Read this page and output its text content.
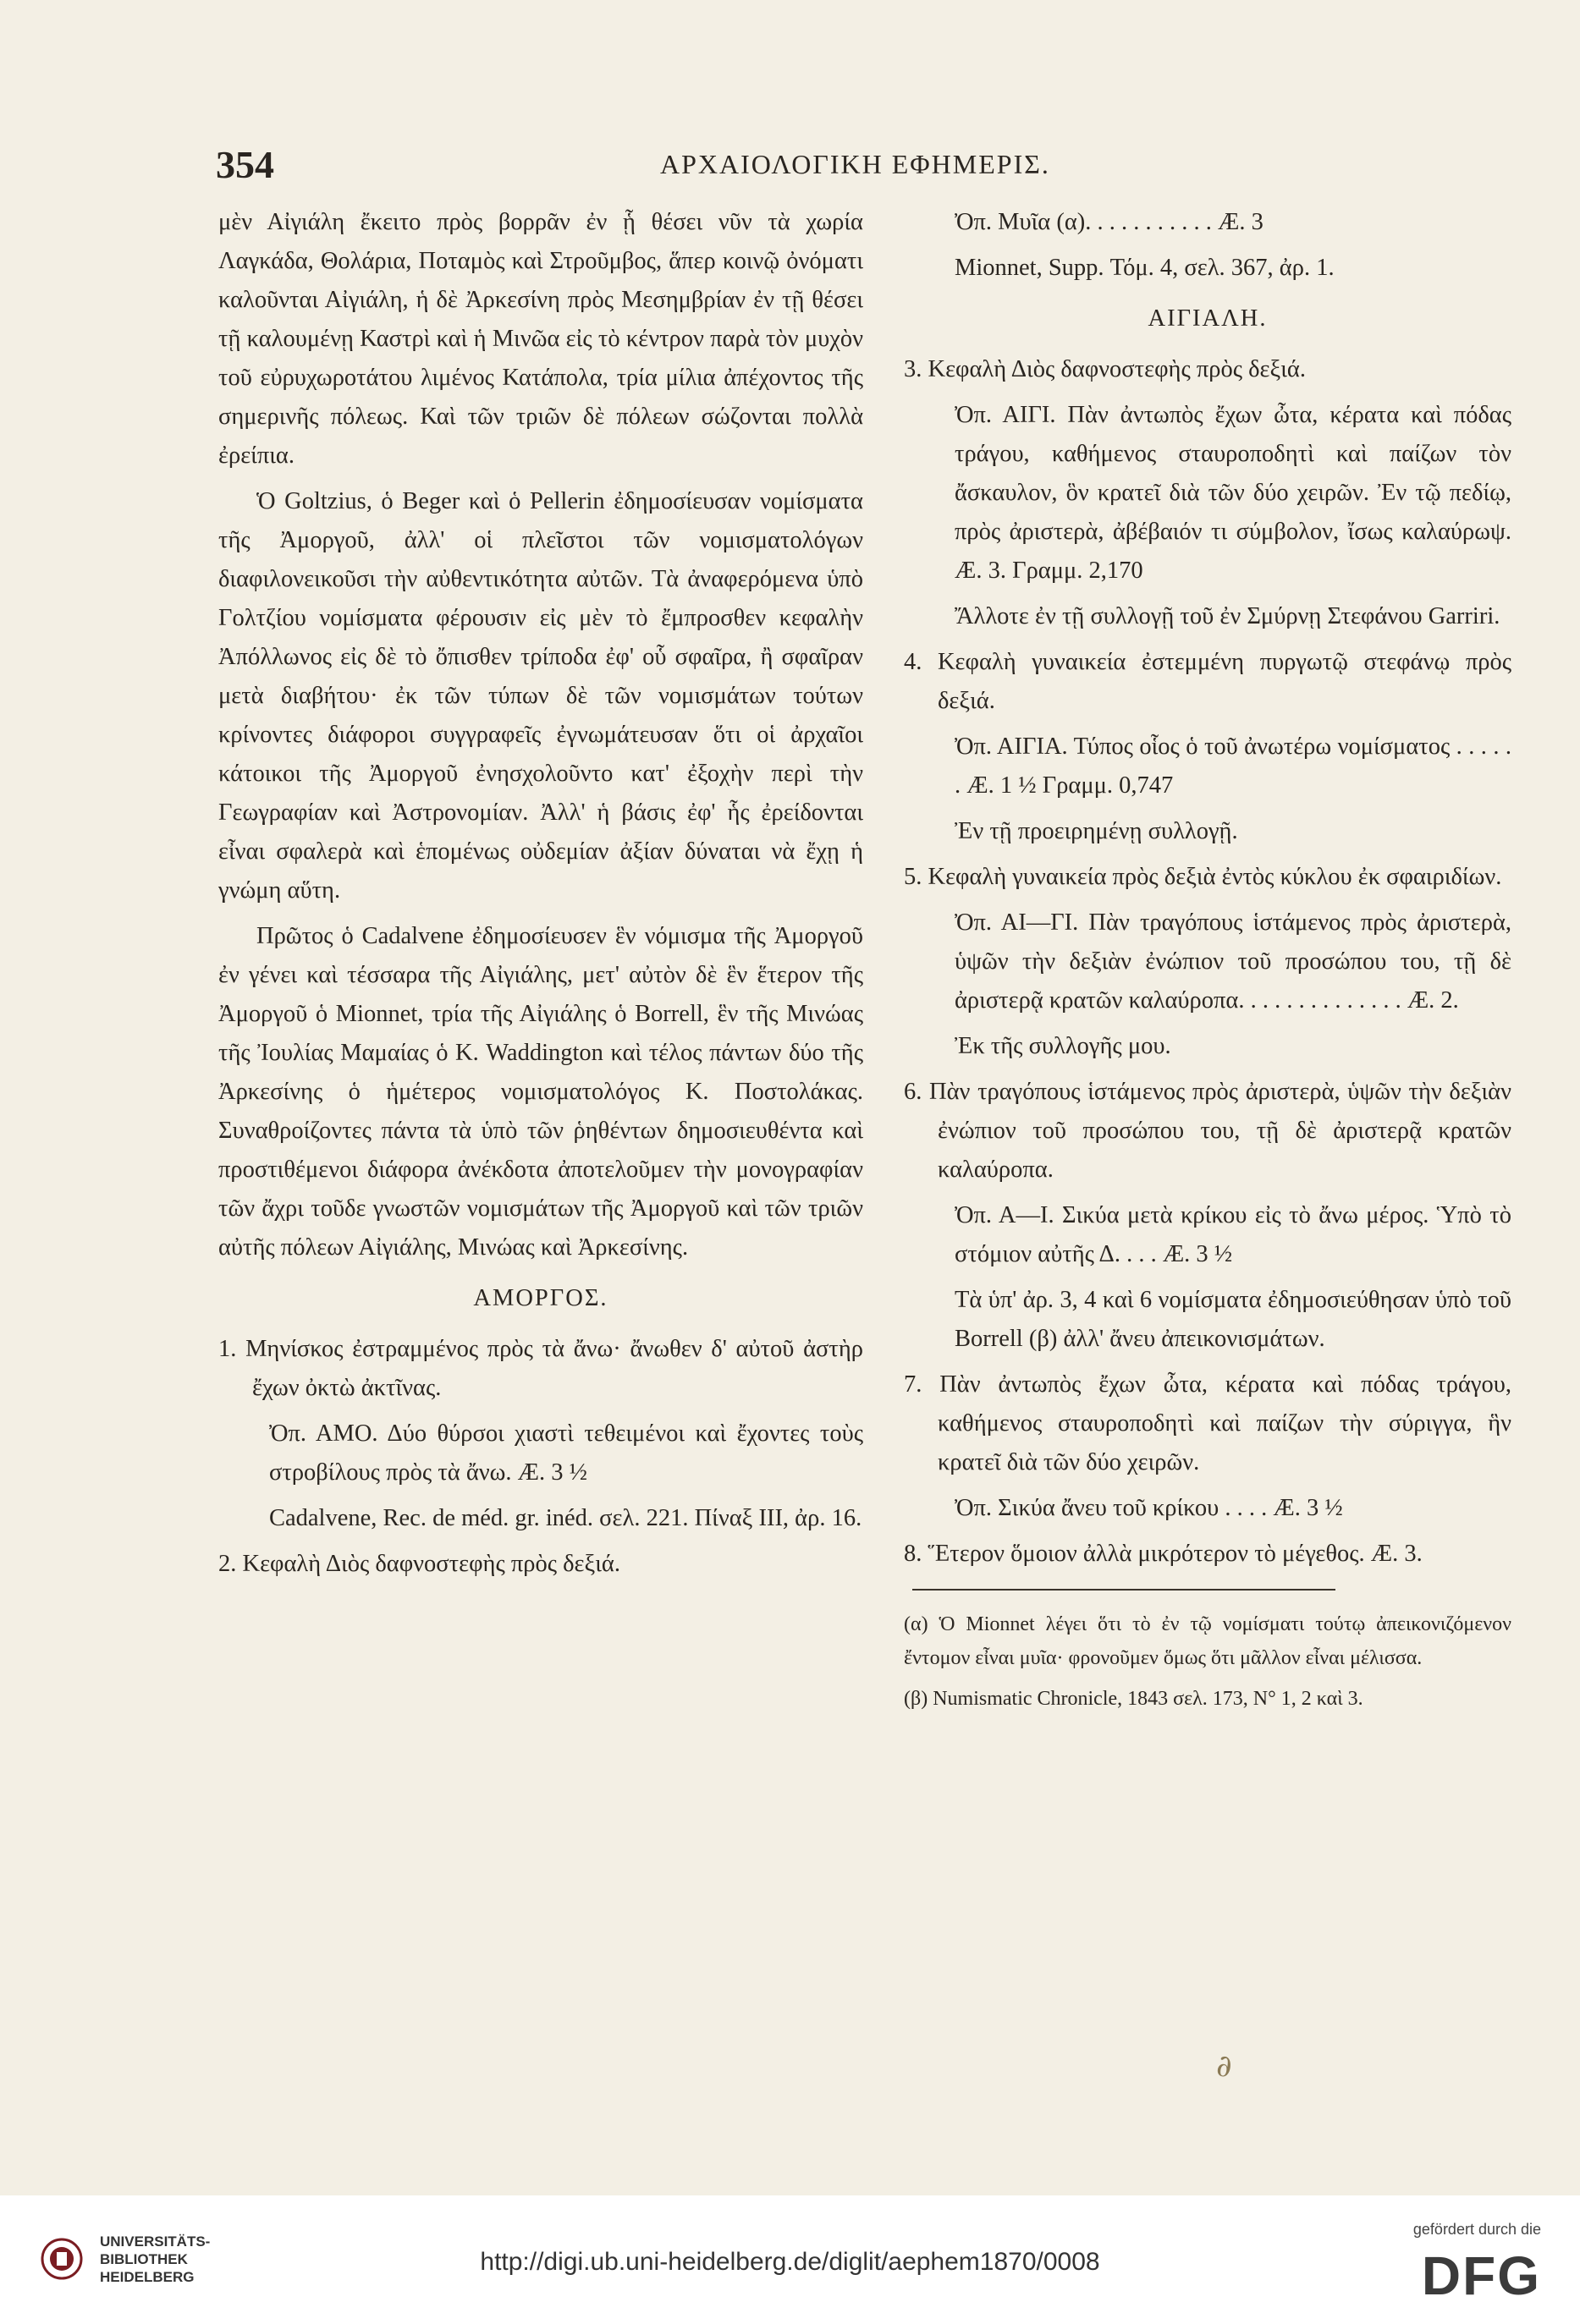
354	ΑΡΧΑΙΟΛΟΓΙΚΗ ΕΦΗΜΕΡΙΣ.

μὲν Αἰγιάλη ἔκειτο πρὸς βορρᾶν ἐν ᾗ θέσει νῦν τὰ χωρία Λαγκάδα, Θολάρια, Ποταμὸς καὶ Στροῦμβος, ἅπερ κοινῷ ὀνόματι καλοῦνται Αἰγιάλη, ἡ δὲ Ἀρκεσίνη πρὸς Μεσημβρίαν ἐν τῇ θέσει τῇ καλουμένῃ Καστρὶ καὶ ἡ Μινῶα εἰς τὸ κέντρον παρὰ τὸν μυχὸν τοῦ εὐρυχωροτάτου λιμένος Κατάπολα, τρία μίλια ἀπέχοντος τῆς σημερινῆς πόλεως. Καὶ τῶν τριῶν δὲ πόλεων σώζονται πολλὰ ἐρείπια.

Ὁ Goltzius, ὁ Beger καὶ ὁ Pellerin ἐδημοσίευσαν νομίσματα τῆς Ἀμοργοῦ, ἀλλ' οἱ πλεῖστοι τῶν νομισματολόγων διαφιλονεικοῦσι τὴν αὐθεντικότητα αὐτῶν. Τὰ ἀναφερόμενα ὑπὸ Γολτζίου νομίσματα φέρουσιν εἰς μὲν τὸ ἔμπροσθεν κεφαλὴν Ἀπόλλωνος εἰς δὲ τὸ ὄπισθεν τρίποδα ἐφ' οὗ σφαῖρα, ἢ σφαῖραν μετὰ διαβήτου· ἐκ τῶν τύπων δὲ τῶν νομισμάτων τούτων κρίνοντες διάφοροι συγγραφεῖς ἐγνωμάτευσαν ὅτι οἱ ἀρχαῖοι κάτοικοι τῆς Ἀμοργοῦ ἐνησχολοῦντο κατ' ἐξοχὴν περὶ τὴν Γεωγραφίαν καὶ Ἀστρονομίαν. Ἀλλ' ἡ βάσις ἐφ' ἧς ἐρείδονται εἶναι σφαλερὰ καὶ ἑπομένως οὐδεμίαν ἀξίαν δύναται νὰ ἔχῃ ἡ γνώμη αὕτη.

Πρῶτος ὁ Cadalvene ἐδημοσίευσεν ἓν νόμισμα τῆς Ἀμοργοῦ ἐν γένει καὶ τέσσαρα τῆς Αἰγιάλης, μετ' αὐτὸν δὲ ἓν ἕτερον τῆς Ἀμοργοῦ ὁ Mionnet, τρία τῆς Αἰγιάλης ὁ Borrell, ἓν τῆς Μινώας τῆς Ἰουλίας Μαμαίας ὁ Κ. Waddington καὶ τέλος πάντων δύο τῆς Ἀρκεσίνης ὁ ἡμέτερος νομισματολόγος Κ. Ποστολάκας. Συναθροίζοντες πάντα τὰ ὑπὸ τῶν ῥηθέντων δημοσιευθέντα καὶ προστιθέμενοι διάφορα ἀνέκδοτα ἀποτελοῦμεν τὴν μονογραφίαν τῶν ἄχρι τοῦδε γνωστῶν νομισμάτων τῆς Ἀμοργοῦ καὶ τῶν τριῶν αὐτῆς πόλεων Αἰγιάλης, Μινώας καὶ Ἀρκεσίνης.

ΑΜΟΡΓΟΣ.

1. Μηνίσκος ἐστραμμένος πρὸς τὰ ἄνω· ἄνωθεν δ' αὐτοῦ ἀστὴρ ἔχων ὀκτὼ ἀκτῖνας.

Ὀπ. ΑΜΟ. Δύο θύρσοι χιαστὶ τεθειμένοι καὶ ἔχοντες τοὺς στροβίλους πρὸς τὰ ἄνω. Æ. 3 ½

Cadalvene, Rec. de méd. gr. inéd. σελ. 221. Πίναξ III, ἀρ. 16.

2. Κεφαλὴ Διὸς δαφνοστεφὴς πρὸς δεξιά.

Ὀπ. Μυῖα (α). . . . . . . . . . . Æ. 3

Mionnet, Supp. Τόμ. 4, σελ. 367, ἀρ. 1.

ΑΙΓΙΑΛΗ.

3. Κεφαλὴ Διὸς δαφνοστεφὴς πρὸς δεξιά.

Ὀπ. ΑΙΓΙ. Πὰν ἀντωπὸς ἔχων ὦτα, κέρατα καὶ πόδας τράγου, καθήμενος σταυροποδητὶ καὶ παίζων τὸν ἄσκαυλον, ὃν κρατεῖ διὰ τῶν δύο χειρῶν. Ἐν τῷ πεδίῳ, πρὸς ἀριστερὰ, ἀβέβαιόν τι σύμβολον, ἴσως καλαύρωψ. Æ. 3. Γραμμ. 2,170

Ἄλλοτε ἐν τῇ συλλογῇ τοῦ ἐν Σμύρνῃ Στεφάνου Garriri.

4. Κεφαλὴ γυναικεία ἐστεμμένη πυργωτῷ στεφάνῳ πρὸς δεξιά.

Ὀπ. ΑΙΓΙΑ. Τύπος οἷος ὁ τοῦ ἀνωτέρω νομίσματος . . . . . . Æ. 1 ½ Γραμμ. 0,747

Ἐν τῇ προειρημένῃ συλλογῇ.

5. Κεφαλὴ γυναικεία πρὸς δεξιὰ ἐντὸς κύκλου ἐκ σφαιριδίων.

Ὀπ. ΑΙ—ΓΙ. Πὰν τραγόπους ἱστάμενος πρὸς ἀριστερὰ, ὑψῶν τὴν δεξιὰν ἐνώπιον τοῦ προσώπου του, τῇ δὲ ἀριστερᾷ κρατῶν καλαύροπα. . . . . . . . . . . . . . Æ. 2.

Ἐκ τῆς συλλογῆς μου.

6. Πὰν τραγόπους ἱστάμενος πρὸς ἀριστερὰ, ὑψῶν τὴν δεξιὰν ἐνώπιον τοῦ προσώπου του, τῇ δὲ ἀριστερᾷ κρατῶν καλαύροπα.

Ὀπ. Α—Ι. Σικύα μετὰ κρίκου εἰς τὸ ἄνω μέρος. Ὑπὸ τὸ στόμιον αὐτῆς Δ. . . . Æ. 3 ½

Τὰ ὑπ' ἀρ. 3, 4 καὶ 6 νομίσματα ἐδημοσιεύθησαν ὑπὸ τοῦ Borrell (β) ἀλλ' ἄνευ ἀπεικονισμάτων.

7. Πὰν ἀντωπὸς ἔχων ὦτα, κέρατα καὶ πόδας τράγου, καθήμενος σταυροποδητὶ καὶ παίζων τὴν σύριγγα, ἣν κρατεῖ διὰ τῶν δύο χειρῶν.

Ὀπ. Σικύα ἄνευ τοῦ κρίκου . . . . Æ. 3 ½

8. Ἕτερον ὅμοιον ἀλλὰ μικρότερον τὸ μέγεθος. Æ. 3.

(α) Ὁ Mionnet λέγει ὅτι τὸ ἐν τῷ νομίσματι τούτῳ ἀπεικονιζόμενον ἔντομον εἶναι μυῖα· φρονοῦμεν ὅμως ὅτι μᾶλλον εἶναι μέλισσα.

(β) Numismatic Chronicle, 1843 σελ. 173, N° 1, 2 καὶ 3.

∂
UNIVERSITÄTS-
BIBLIOTHEK
HEIDELBERG
http://digi.ub.uni-heidelberg.de/diglit/aephem1870/0008
gefördert durch die
DFG
